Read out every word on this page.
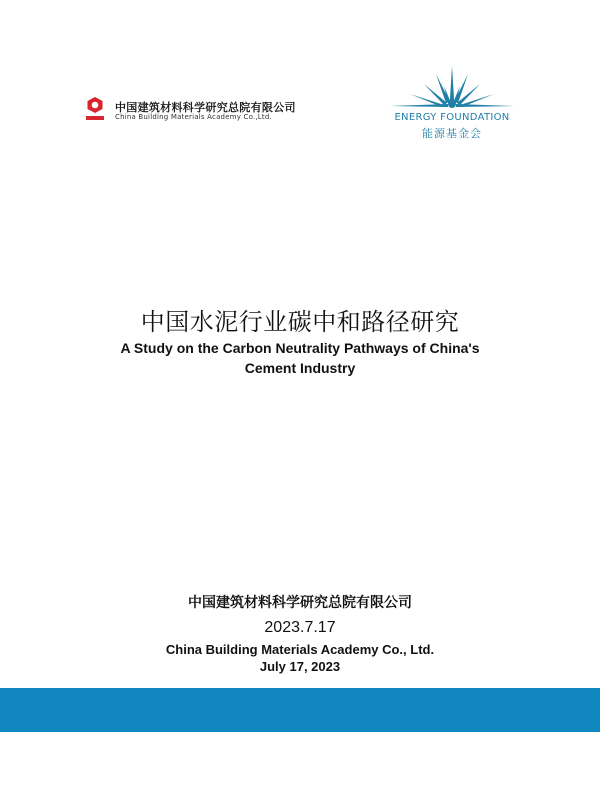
中国建筑材料科学研究总院有限公司
China Building Materials Academy Co.,Ltd.	ENERGY FOUNDATION
能源基金会
中国水泥行业碳中和路径研究
A Study on the Carbon Neutrality Pathways of China's Cement Industry
中国建筑材料科学研究总院有限公司
2023.7.17
China Building Materials Academy Co., Ltd.
July 17, 2023
